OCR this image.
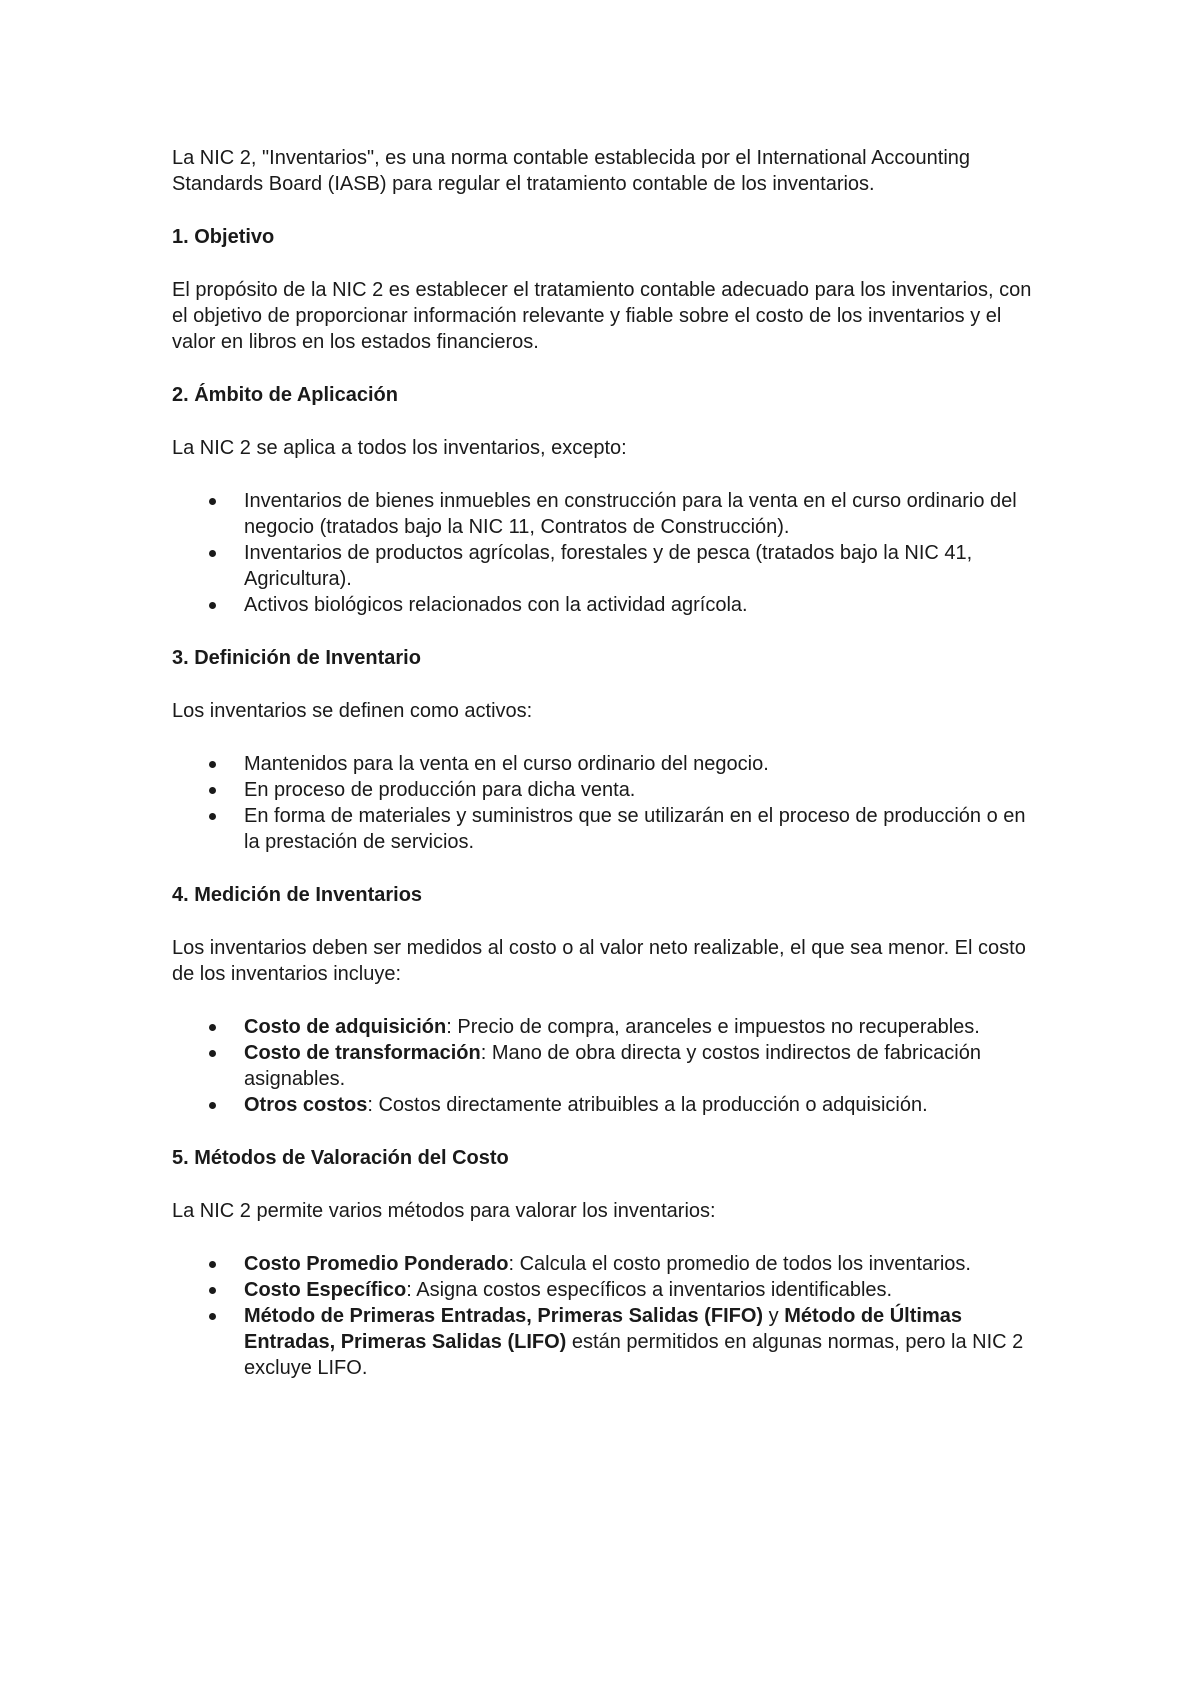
La NIC 2, "Inventarios", es una norma contable establecida por el International Accounting Standards Board (IASB) para regular el tratamiento contable de los inventarios.

1. Objetivo

El propósito de la NIC 2 es establecer el tratamiento contable adecuado para los inventarios, con el objetivo de proporcionar información relevante y fiable sobre el costo de los inventarios y el valor en libros en los estados financieros.

2. Ámbito de Aplicación

La NIC 2 se aplica a todos los inventarios, excepto:

Inventarios de bienes inmuebles en construcción para la venta en el curso ordinario del negocio (tratados bajo la NIC 11, Contratos de Construcción).
Inventarios de productos agrícolas, forestales y de pesca (tratados bajo la NIC 41, Agricultura).
Activos biológicos relacionados con la actividad agrícola.
3. Definición de Inventario

Los inventarios se definen como activos:

Mantenidos para la venta en el curso ordinario del negocio.
En proceso de producción para dicha venta.
En forma de materiales y suministros que se utilizarán en el proceso de producción o en la prestación de servicios.
4. Medición de Inventarios

Los inventarios deben ser medidos al costo o al valor neto realizable, el que sea menor. El costo de los inventarios incluye:

Costo de adquisición: Precio de compra, aranceles e impuestos no recuperables.
Costo de transformación: Mano de obra directa y costos indirectos de fabricación asignables.
Otros costos: Costos directamente atribuibles a la producción o adquisición.
5. Métodos de Valoración del Costo

La NIC 2 permite varios métodos para valorar los inventarios:

Costo Promedio Ponderado: Calcula el costo promedio de todos los inventarios.
Costo Específico: Asigna costos específicos a inventarios identificables.
Método de Primeras Entradas, Primeras Salidas (FIFO) y Método de Últimas Entradas, Primeras Salidas (LIFO) están permitidos en algunas normas, pero la NIC 2 excluye LIFO.
